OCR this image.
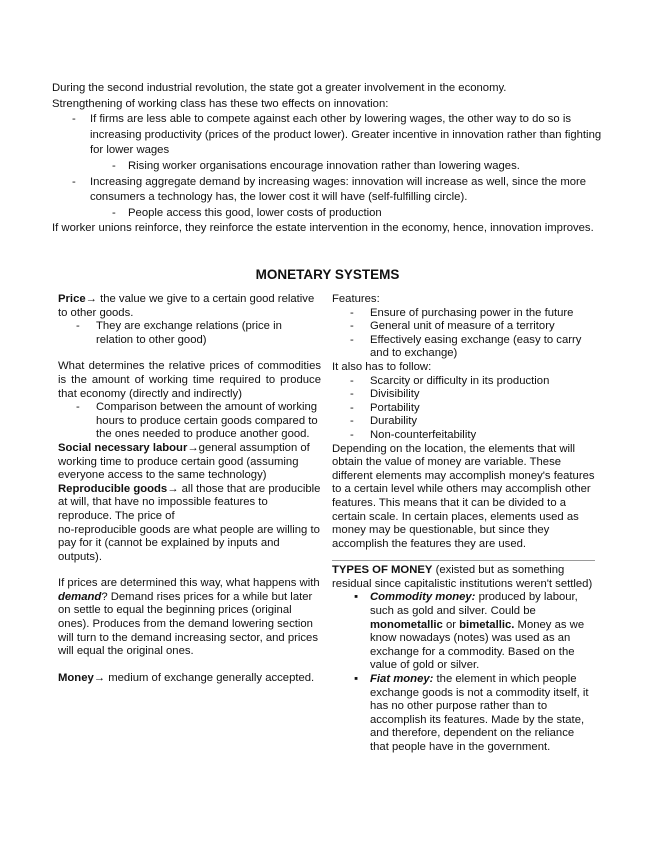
During the second industrial revolution, the state got a greater involvement in the economy.

Strengthening of working class has these two effects on innovation:

- If firms are less able to compete against each other by lowering wages, the other way to do so is increasing productivity (prices of the product lower). Greater incentive in innovation rather than fighting for lower wages
- Rising worker organisations encourage innovation rather than lowering wages.
- Increasing aggregate demand by increasing wages: innovation will increase as well, since the more consumers a technology has, the lower cost it will have (self-fulfilling circle).
- People access this good, lower costs of production

If worker unions reinforce, they reinforce the estate intervention in the economy, hence, innovation improves.

MONETARY SYSTEMS

Price→ the value we give to a certain good relative to other goods.

- They are exchange relations (price in relation to other good)

What determines the relative prices of commodities is the amount of working time required to produce that economy (directly and indirectly)

- Comparison between the amount of working hours to produce certain goods compared to the ones needed to produce another good.

Social necessary labour→general assumption of working time to produce certain good (assuming everyone access to the same technology)

Reproducible goods→ all those that are producible at will, that have no impossible features to reproduce. The price of

no-reproducible goods are what people are willing to pay for it (cannot be explained by inputs and outputs).

If prices are determined this way, what happens with demand? Demand rises prices for a while but later on settle to equal the beginning prices (original ones). Produces from the demand lowering section will turn to the demand increasing sector, and prices will equal the original ones.

Money→ medium of exchange generally accepted.

Features:

- Ensure of purchasing power in the future
- General unit of measure of a territory
- Effectively easing exchange (easy to carry and to exchange)

It also has to follow:

- Scarcity or difficulty in its production
- Divisibility
- Portability
- Durability
- Non-counterfeitability

Depending on the location, the elements that will obtain the value of money are variable. These different elements may accomplish money's features to a certain level while others may accomplish other features. This means that it can be divided to a certain scale. In certain places, elements used as money may be questionable, but since they accomplish the features they are used.

TYPES OF MONEY (existed but as something residual since capitalistic institutions weren't settled)

▪ Commodity money: produced by labour, such as gold and silver. Could be monometallic or bimetallic. Money as we know nowadays (notes) was used as an exchange for a commodity. Based on the value of gold or silver.
▪ Fiat money: the element in which people exchange goods is not a commodity itself, it has no other purpose rather than to accomplish its features. Made by the state, and therefore, dependent on the reliance that people have in the government.
